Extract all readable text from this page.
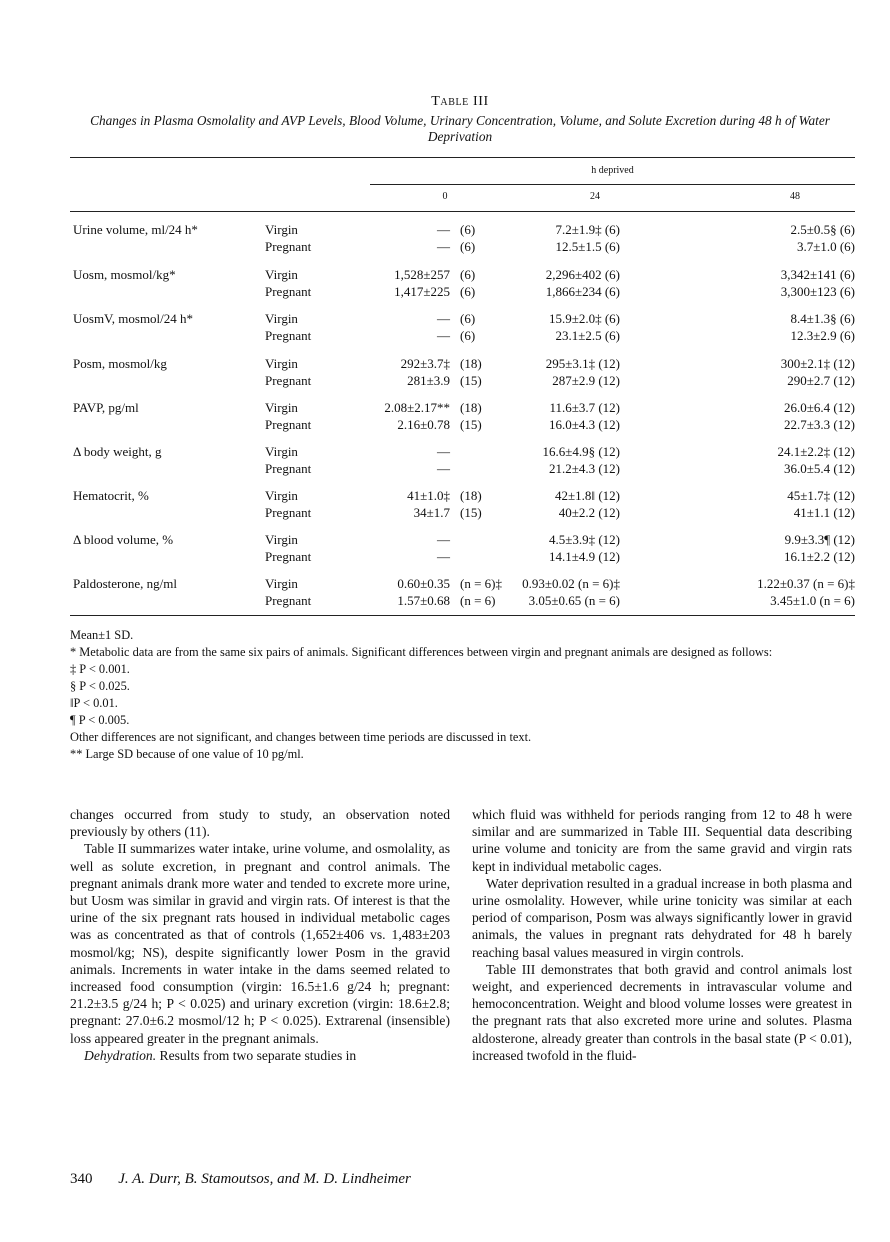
Table III
Changes in Plasma Osmolality and AVP Levels, Blood Volume, Urinary Concentration, Volume, and Solute Excretion during 48 h of Water Deprivation
h deprived
0	24	48
Urine volume, ml/24 h*	Virgin	— (6)	7.2±1.9‡ (6)	2.5±0.5§ (6)
Pregnant	— (6)	12.5±1.5 (6)	3.7±1.0 (6)
Uosm, mosmol/kg*	Virgin	1,528±257 (6)	2,296±402 (6)	3,342±141 (6)
Pregnant	1,417±225 (6)	1,866±234 (6)	3,300±123 (6)
UosmV, mosmol/24 h*	Virgin	— (6)	15.9±2.0‡ (6)	8.4±1.3§ (6)
Pregnant	— (6)	23.1±2.5 (6)	12.3±2.9 (6)
Posm, mosmol/kg	Virgin	292±3.7‡ (18)	295±3.1‡ (12)	300±2.1‡ (12)
Pregnant	281±3.9 (15)	287±2.9 (12)	290±2.7 (12)
PAVP, pg/ml	Virgin	2.08±2.17** (18)	11.6±3.7 (12)	26.0±6.4 (12)
Pregnant	2.16±0.78 (15)	16.0±4.3 (12)	22.7±3.3 (12)
Δ body weight, g	Virgin	—	16.6±4.9§ (12)	24.1±2.2‡ (12)
Pregnant	—	21.2±4.3 (12)	36.0±5.4 (12)
Hematocrit, %	Virgin	41±1.0‡ (18)	42±1.8ǁ (12)	45±1.7‡ (12)
Pregnant	34±1.7 (15)	40±2.2 (12)	41±1.1 (12)
Δ blood volume, %	Virgin	—	4.5±3.9‡ (12)	9.9±3.3¶ (12)
Pregnant	—	14.1±4.9 (12)	16.1±2.2 (12)
Paldosterone, ng/ml	Virgin	0.60±0.35 (n = 6)‡	0.93±0.02 (n = 6)‡	1.22±0.37 (n = 6)‡
Pregnant	1.57±0.68 (n = 6)	3.05±0.65 (n = 6)	3.45±1.0 (n = 6)
Mean±1 SD.
* Metabolic data are from the same six pairs of animals. Significant differences between virgin and pregnant animals are designed as follows:
‡ P < 0.001.
§ P < 0.025.
ǁP < 0.01.
¶ P < 0.005.
Other differences are not significant, and changes between time periods are discussed in text.
** Large SD because of one value of 10 pg/ml.

changes occurred from study to study, an observation noted previously by others (11).

Table II summarizes water intake, urine volume, and osmolality, as well as solute excretion, in pregnant and control animals. The pregnant animals drank more water and tended to excrete more urine, but Uosm was similar in gravid and virgin rats. Of interest is that the urine of the six pregnant rats housed in individual metabolic cages was as concentrated as that of controls (1,652±406 vs. 1,483±203 mosmol/kg; NS), despite significantly lower Posm in the gravid animals. Increments in water intake in the dams seemed related to increased food consumption (virgin: 16.5±1.6 g/24 h; pregnant: 21.2±3.5 g/24 h; P < 0.025) and urinary excretion (virgin: 18.6±2.8; pregnant: 27.0±6.2 mosmol/12 h; P < 0.025). Extrarenal (insensible) loss appeared greater in the pregnant animals.

Dehydration. Results from two separate studies in

which fluid was withheld for periods ranging from 12 to 48 h were similar and are summarized in Table III. Sequential data describing urine volume and tonicity are from the same gravid and virgin rats kept in individual metabolic cages.

Water deprivation resulted in a gradual increase in both plasma and urine osmolality. However, while urine tonicity was similar at each period of comparison, Posm was always significantly lower in gravid animals, the values in pregnant rats dehydrated for 48 h barely reaching basal values measured in virgin controls.

Table III demonstrates that both gravid and control animals lost weight, and experienced decrements in intravascular volume and hemoconcentration. Weight and blood volume losses were greatest in the pregnant rats that also excreted more urine and solutes. Plasma aldosterone, already greater than controls in the basal state (P < 0.01), increased twofold in the fluid-

340 J. A. Durr, B. Stamoutsos, and M. D. Lindheimer
